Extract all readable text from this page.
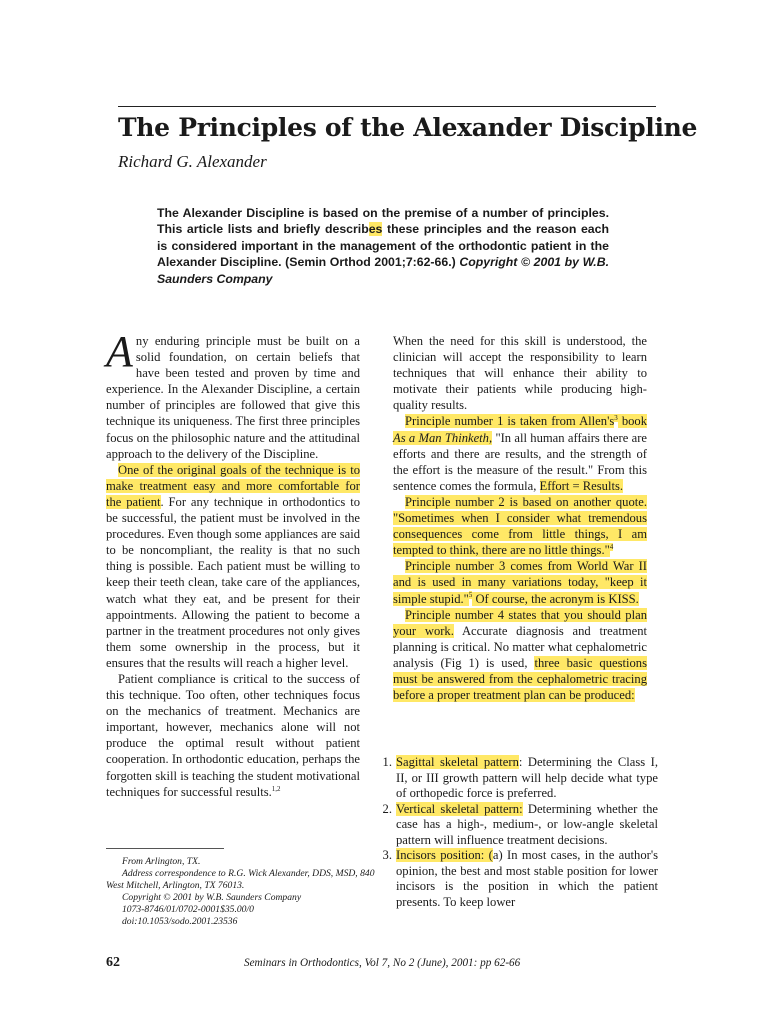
The Principles of the Alexander Discipline
Richard G. Alexander
The Alexander Discipline is based on the premise of a number of principles. This article lists and briefly describes these principles and the reason each is considered important in the management of the orthodontic patient in the Alexander Discipline. (Semin Orthod 2001;7:62-66.) Copyright © 2001 by W.B. Saunders Company

Any enduring principle must be built on a solid foundation, on certain beliefs that have been tested and proven by time and experience. In the Alexander Discipline, a certain number of principles are followed that give this technique its uniqueness. The first three principles focus on the philosophic nature and the attitudinal approach to the delivery of the Discipline.

One of the original goals of the technique is to make treatment easy and more comfortable for the patient. For any technique in orthodontics to be successful, the patient must be involved in the procedures. Even though some appliances are said to be noncompliant, the reality is that no such thing is possible. Each patient must be willing to keep their teeth clean, take care of the appliances, watch what they eat, and be present for their appointments. Allowing the patient to become a partner in the treatment procedures not only gives them some ownership in the process, but it ensures that the results will reach a higher level.

Patient compliance is critical to the success of this technique. Too often, other techniques focus on the mechanics of treatment. Mechanics are important, however, mechanics alone will not produce the optimal result without patient cooperation. In orthodontic education, perhaps the forgotten skill is teaching the student motivational techniques for successful results.$^{1,2}$

When the need for this skill is understood, the clinician will accept the responsibility to learn techniques that will enhance their ability to motivate their patients while producing high-quality results.

Principle number 1 is taken from $Allen's^3$ book As a Man Thinketh, "In all human affairs there are efforts and there are results, and the strength of the effort is the measure of the result." From this sentence comes the formula, Effort = Results.

Principle number 2 is based on another quote. "Sometimes when I consider what tremendous consequences come from little things, I am tempted to think, there are no little things."$^4$

Principle number 3 comes from World War II and is used in many variations today, "keep it simple stupid."$^5$ Of course, the acronym is KISS.

Principle number 4 states that you should plan your work. Accurate diagnosis and treatment planning is critical. No matter what cephalometric analysis (Fig 1) is used, three basic questions must be answered from the cephalometric tracing before a proper treatment plan can be produced:

1. Sagittal skeletal pattern: Determining the Class I, II, or III growth pattern will help decide what type of orthopedic force is preferred.
2. Vertical skeletal pattern: Determining whether the case has a high-, medium-, or low-angle skeletal pattern will influence treatment decisions.
3. Incisors position: (a) In most cases, in the author's opinion, the best and most stable position for lower incisors is the position in which the patient presents. To keep lower
From Arlington, TX.
Address correspondence to R.G. Wick Alexander, DDS, MSD, 840 West Mitchell, Arlington, TX 76013.
Copyright © 2001 by W.B. Saunders Company
1073-8746/01/0702-0001$35.00/0
doi:10.1053/sodo.2001.23536
62	Seminars in Orthodontics, Vol 7, No 2 (June), 2001: pp 62-66
